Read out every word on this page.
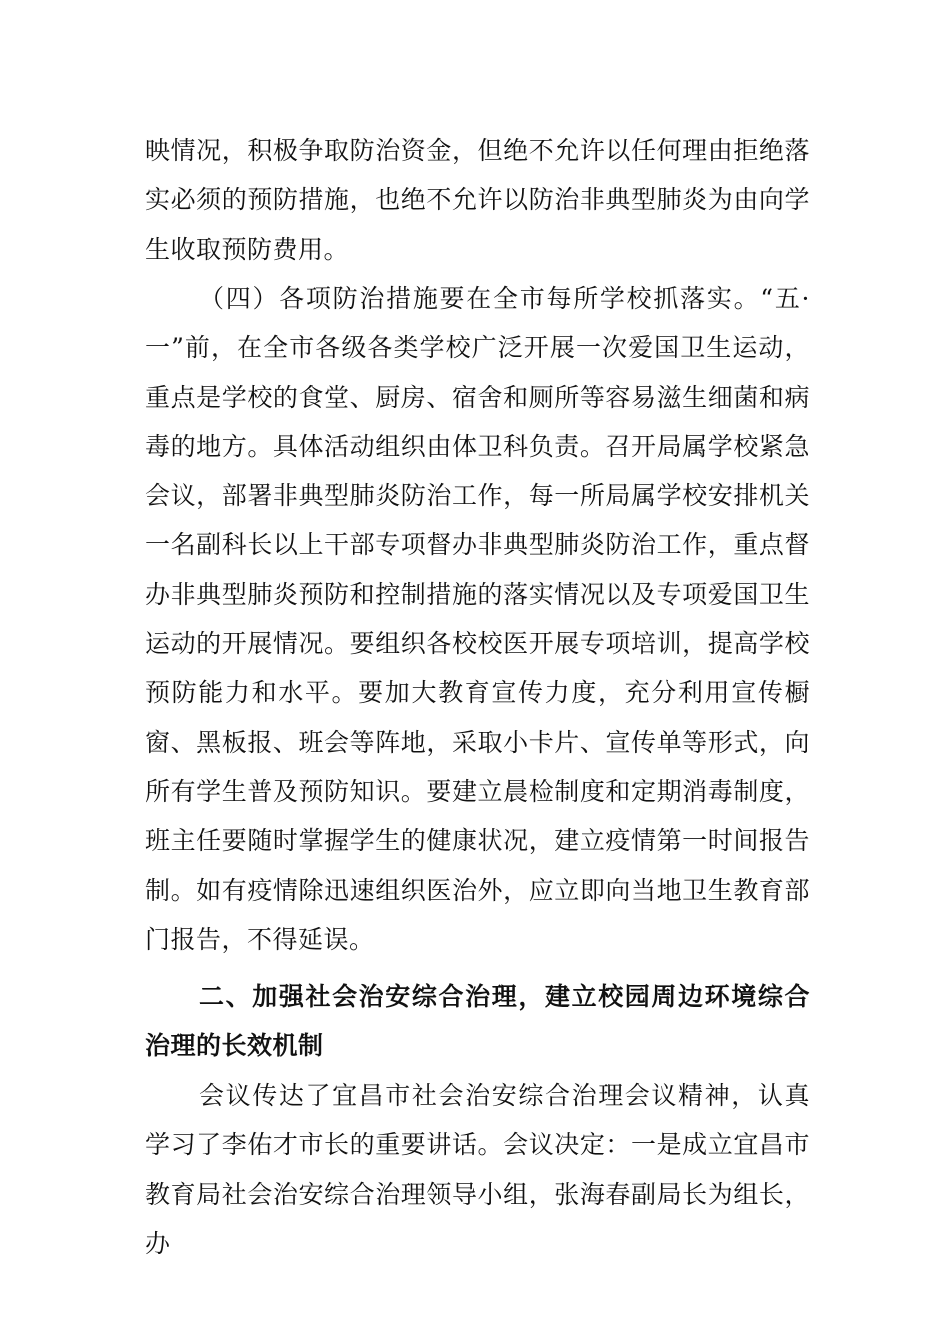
映情况，积极争取防治资金，但绝不允许以任何理由拒绝落实必须的预防措施，也绝不允许以防治非典型肺炎为由向学生收取预防费用。

（四）各项防治措施要在全市每所学校抓落实。“五·一”前，在全市各级各类学校广泛开展一次爱国卫生运动，重点是学校的食堂、厨房、宿舍和厕所等容易滋生细菌和病毒的地方。具体活动组织由体卫科负责。召开局属学校紧急会议，部署非典型肺炎防治工作，每一所局属学校安排机关一名副科长以上干部专项督办非典型肺炎防治工作，重点督办非典型肺炎预防和控制措施的落实情况以及专项爱国卫生运动的开展情况。要组织各校校医开展专项培训，提高学校预防能力和水平。要加大教育宣传力度，充分利用宣传橱窗、黑板报、班会等阵地，采取小卡片、宣传单等形式，向所有学生普及预防知识。要建立晨检制度和定期消毒制度，班主任要随时掌握学生的健康状况，建立疫情第一时间报告制。如有疫情除迅速组织医治外，应立即向当地卫生教育部门报告，不得延误。

二、加强社会治安综合治理，建立校园周边环境综合治理的长效机制

会议传达了宜昌市社会治安综合治理会议精神，认真学习了李佑才市长的重要讲话。会议决定：一是成立宜昌市教育局社会治安综合治理领导小组，张海春副局长为组长，办
